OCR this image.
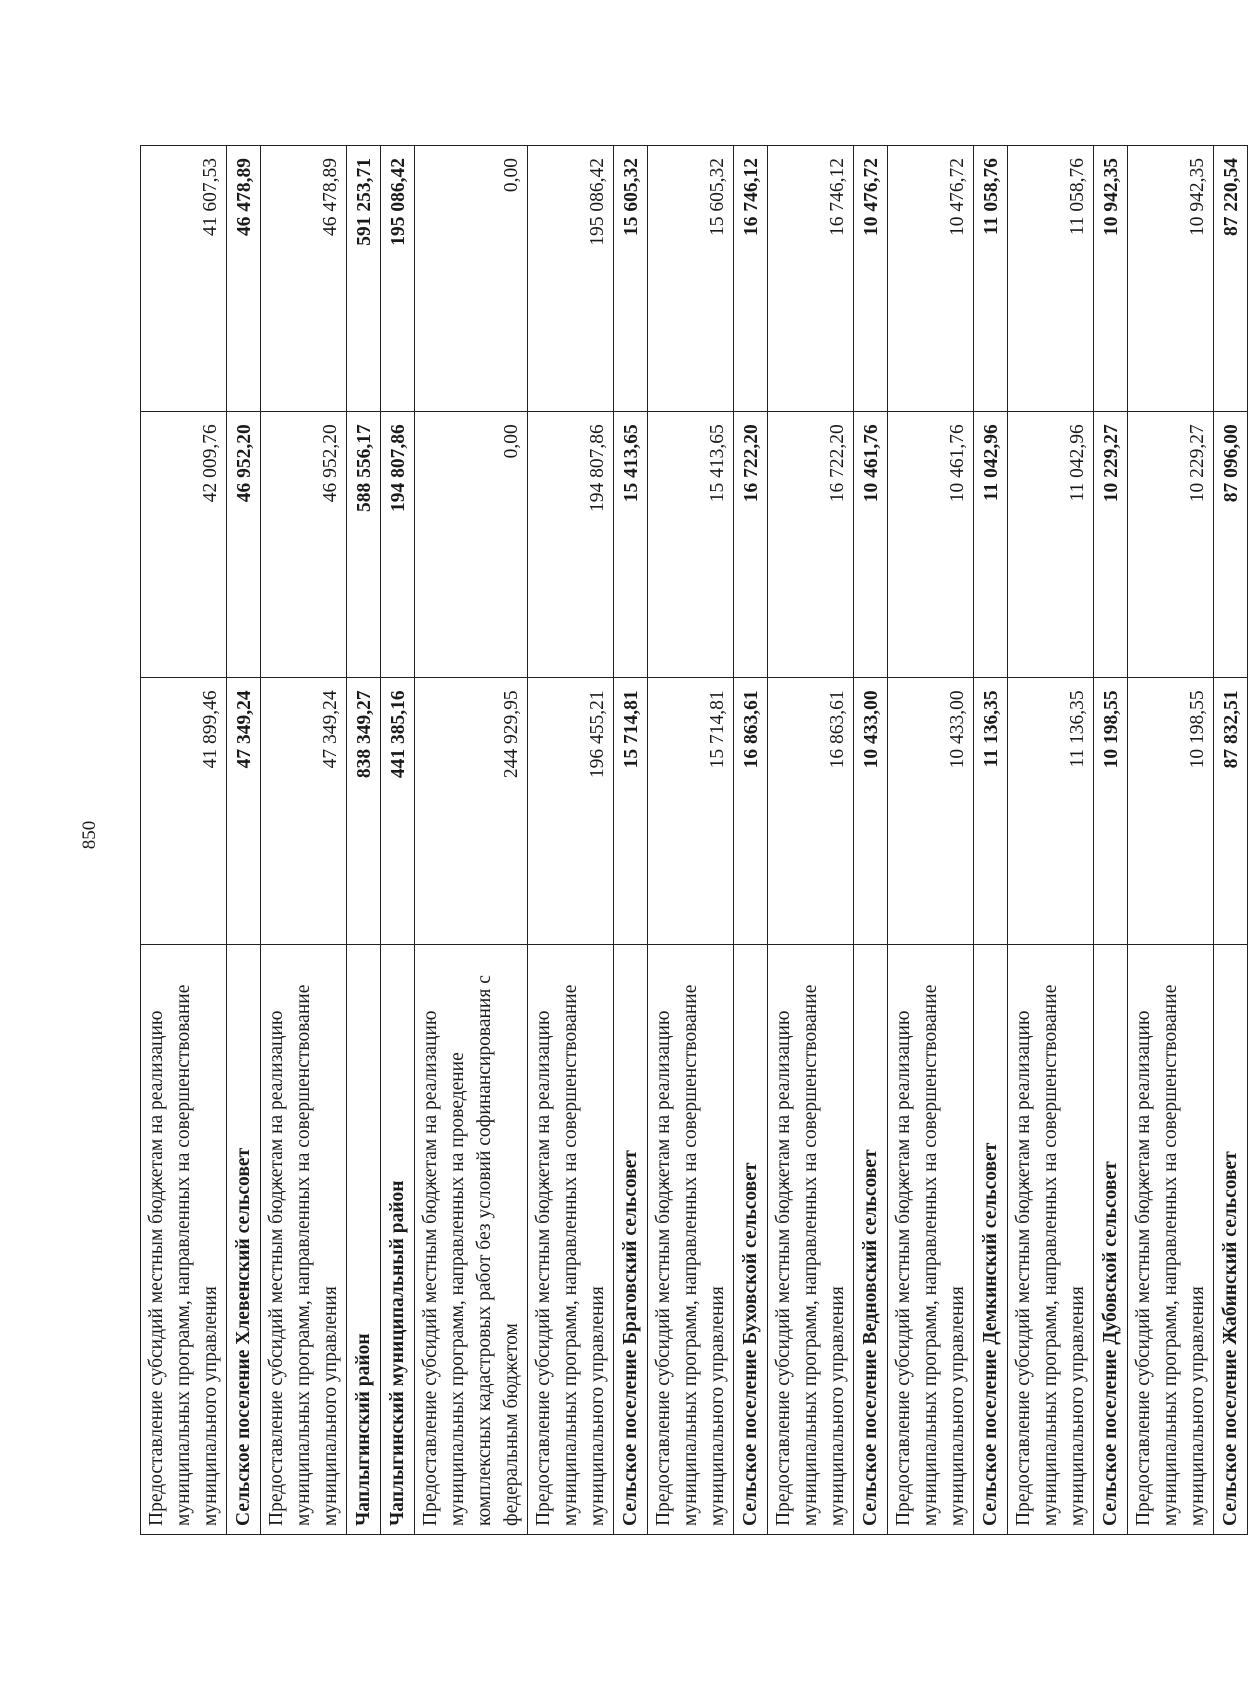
850
Предоставление субсидий местным бюджетам на реализацию муниципальных программ, направленных на совершенствование муниципального управления	41 899,46	42 009,76	41 607,53
Сельское поселение Хлевенский сельсовет	47 349,24	46 952,20	46 478,89
Предоставление субсидий местным бюджетам на реализацию муниципальных программ, направленных на совершенствование муниципального управления	47 349,24	46 952,20	46 478,89
Чаплыгинский район	838 349,27	588 556,17	591 253,71
Чаплыгинский муниципальный район	441 385,16	194 807,86	195 086,42
Предоставление субсидий местным бюджетам на реализацию муниципальных программ, направленных на проведение комплексных кадастровых работ без условий софинансирования с федеральным бюджетом	244 929,95	0,00	0,00
Предоставление субсидий местным бюджетам на реализацию муниципальных программ, направленных на совершенствование муниципального управления	196 455,21	194 807,86	195 086,42
Сельское поселение Браговский сельсовет	15 714,81	15 413,65	15 605,32
Предоставление субсидий местным бюджетам на реализацию муниципальных программ, направленных на совершенствование муниципального управления	15 714,81	15 413,65	15 605,32
Сельское поселение Буховской сельсовет	16 863,61	16 722,20	16 746,12
Предоставление субсидий местным бюджетам на реализацию муниципальных программ, направленных на совершенствование муниципального управления	16 863,61	16 722,20	16 746,12
Сельское поселение Ведновский сельсовет	10 433,00	10 461,76	10 476,72
Предоставление субсидий местным бюджетам на реализацию муниципальных программ, направленных на совершенствование муниципального управления	10 433,00	10 461,76	10 476,72
Сельское поселение Демкинский сельсовет	11 136,35	11 042,96	11 058,76
Предоставление субсидий местным бюджетам на реализацию муниципальных программ, направленных на совершенствование муниципального управления	11 136,35	11 042,96	11 058,76
Сельское поселение Дубовской сельсовет	10 198,55	10 229,27	10 942,35
Предоставление субсидий местным бюджетам на реализацию муниципальных программ, направленных на совершенствование муниципального управления	10 198,55	10 229,27	10 942,35
Сельское поселение Жабинский сельсовет	87 832,51	87 096,00	87 220,54
